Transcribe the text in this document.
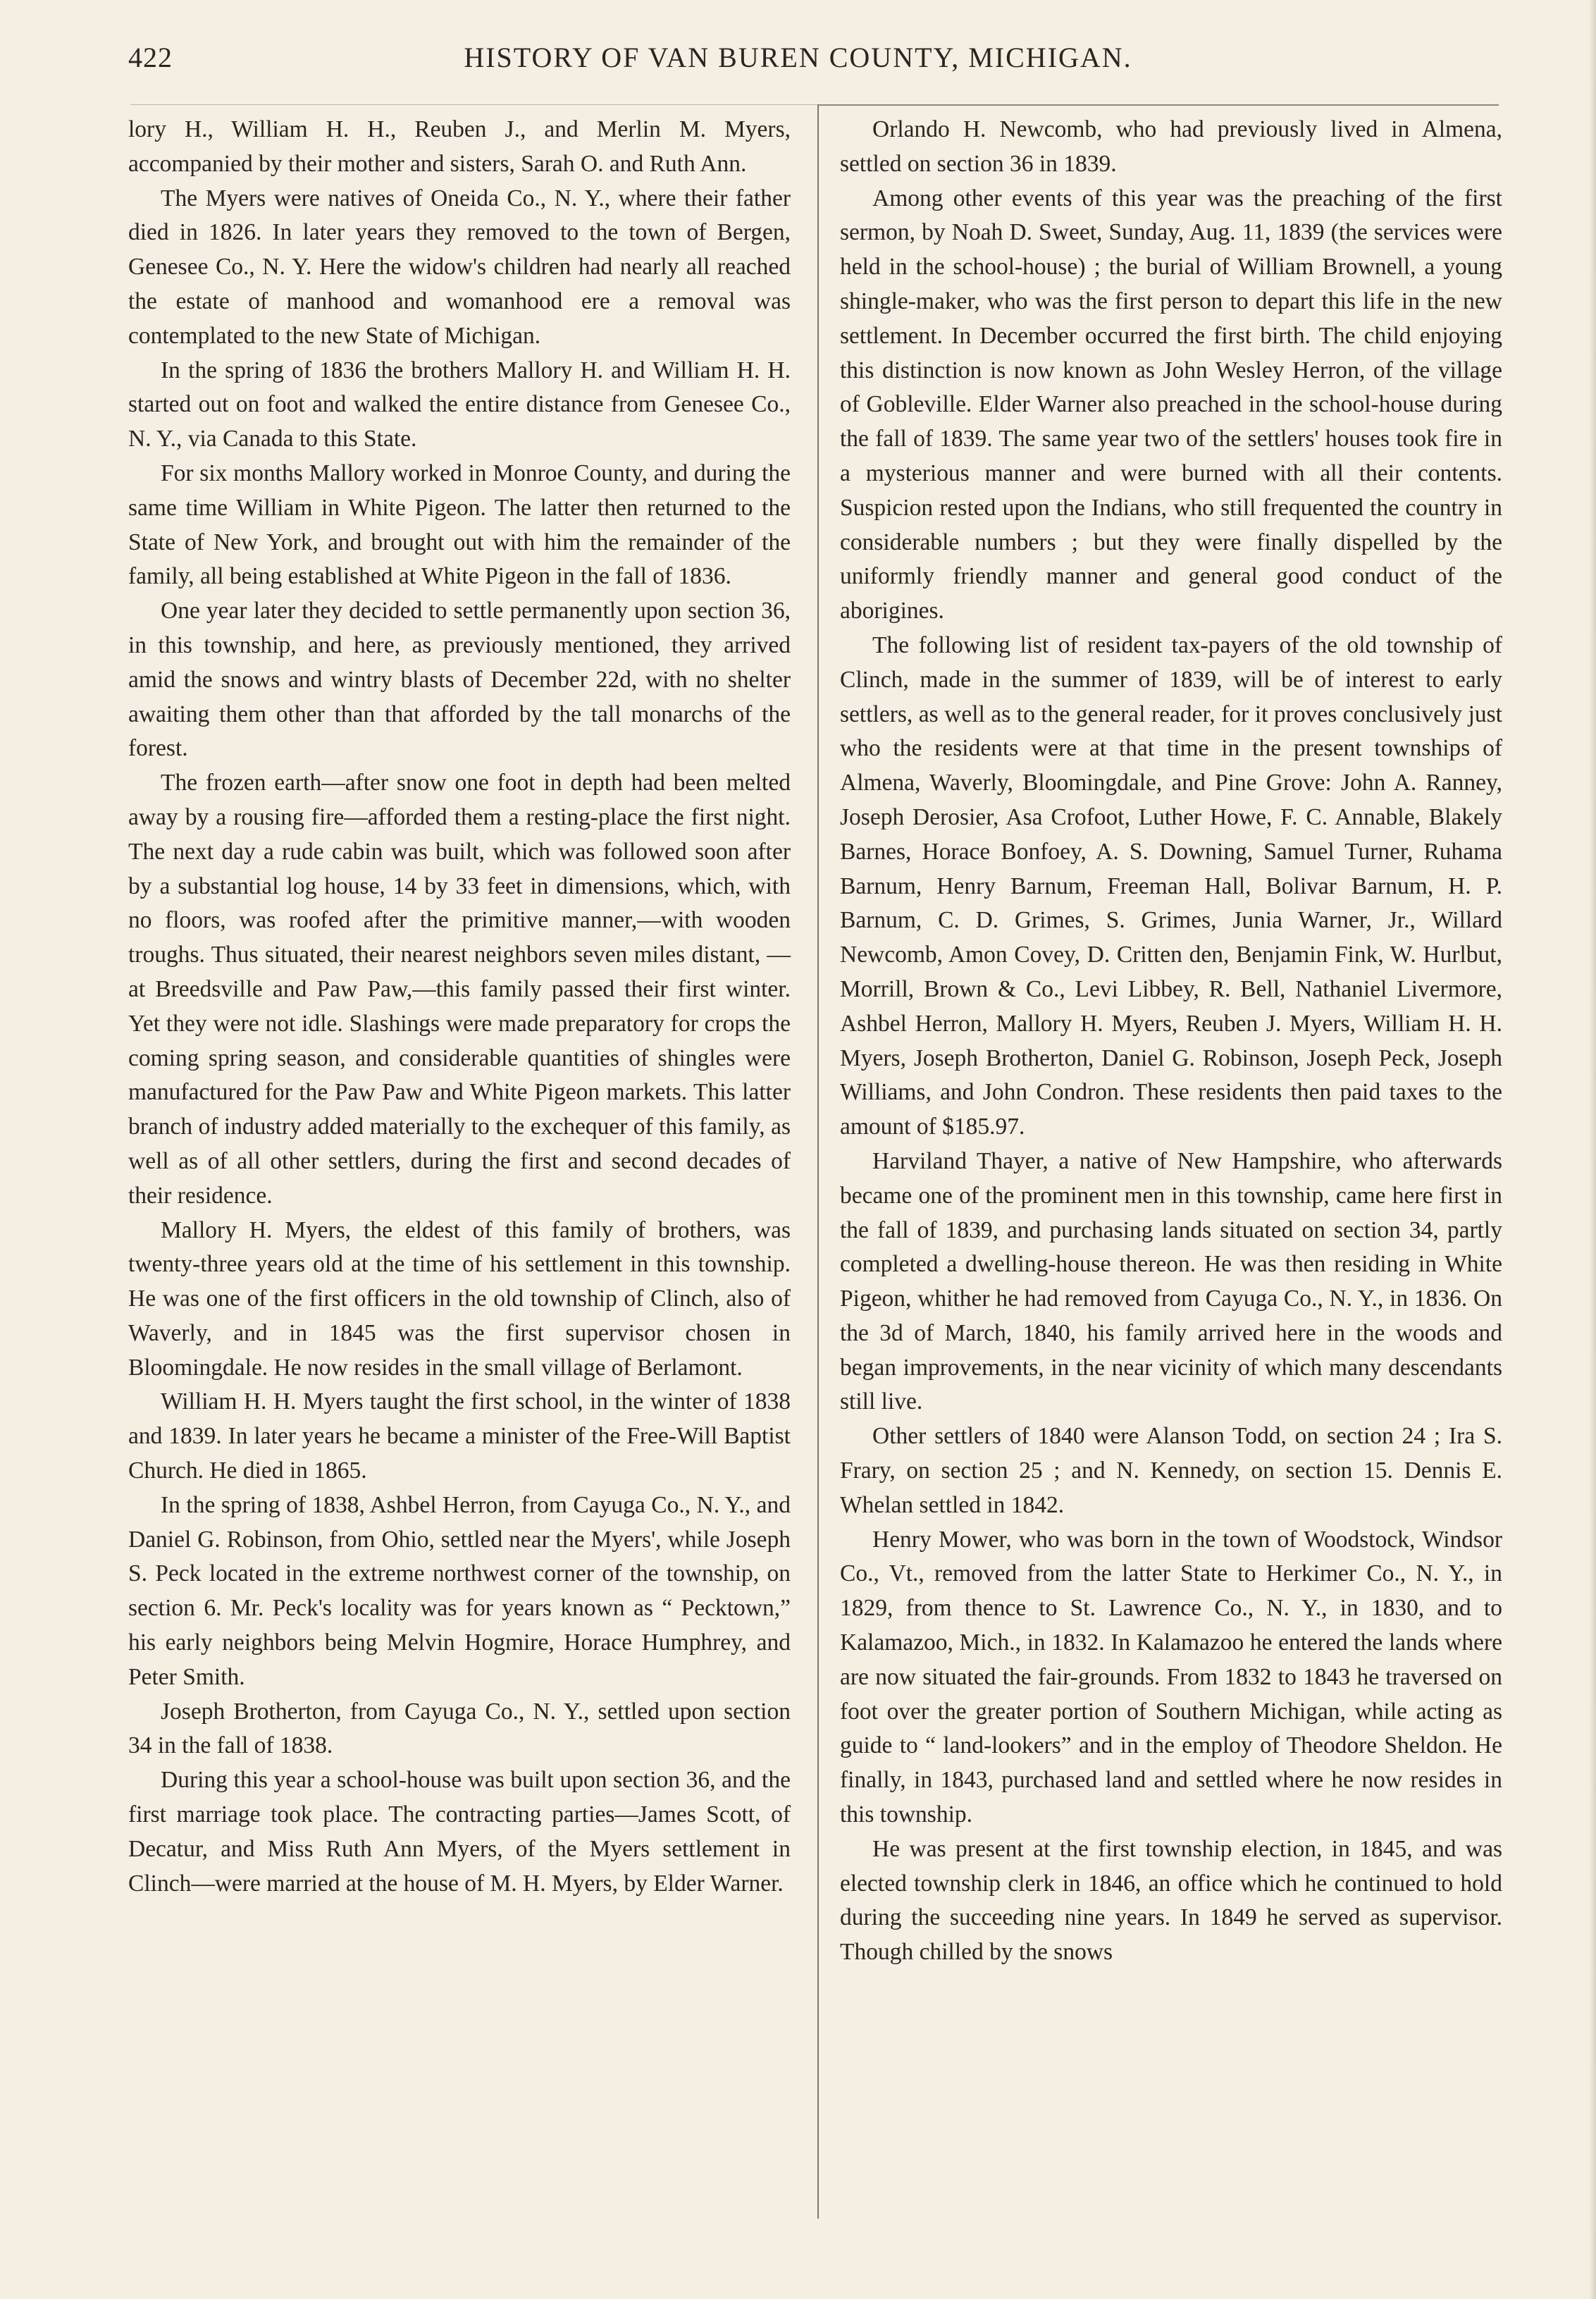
422	HISTORY OF VAN BUREN COUNTY, MICHIGAN.

lory H., William H. H., Reuben J., and Merlin M. Myers, accompanied by their mother and sisters, Sarah O. and Ruth Ann.

The Myers were natives of Oneida Co., N. Y., where their father died in 1826. In later years they removed to the town of Bergen, Genesee Co., N. Y. Here the widow's children had nearly all reached the estate of manhood and womanhood ere a removal was contemplated to the new State of Michigan.

In the spring of 1836 the brothers Mallory H. and William H. H. started out on foot and walked the entire distance from Genesee Co., N. Y., via Canada to this State.

For six months Mallory worked in Monroe County, and during the same time William in White Pigeon. The latter then returned to the State of New York, and brought out with him the remainder of the family, all being established at White Pigeon in the fall of 1836.

One year later they decided to settle permanently upon section 36, in this township, and here, as previously mentioned, they arrived amid the snows and wintry blasts of December 22d, with no shelter awaiting them other than that afforded by the tall monarchs of the forest.

The frozen earth—after snow one foot in depth had been melted away by a rousing fire—afforded them a resting-place the first night. The next day a rude cabin was built, which was followed soon after by a substantial log house, 14 by 33 feet in dimensions, which, with no floors, was roofed after the primitive manner,—with wooden troughs. Thus situated, their nearest neighbors seven miles distant, —at Breedsville and Paw Paw,—this family passed their first winter. Yet they were not idle. Slashings were made preparatory for crops the coming spring season, and considerable quantities of shingles were manufactured for the Paw Paw and White Pigeon markets. This latter branch of industry added materially to the exchequer of this family, as well as of all other settlers, during the first and second decades of their residence.

Mallory H. Myers, the eldest of this family of brothers, was twenty-three years old at the time of his settlement in this township. He was one of the first officers in the old township of Clinch, also of Waverly, and in 1845 was the first supervisor chosen in Bloomingdale. He now resides in the small village of Berlamont.

William H. H. Myers taught the first school, in the winter of 1838 and 1839. In later years he became a minister of the Free-Will Baptist Church. He died in 1865.

In the spring of 1838, Ashbel Herron, from Cayuga Co., N. Y., and Daniel G. Robinson, from Ohio, settled near the Myers', while Joseph S. Peck located in the extreme northwest corner of the township, on section 6. Mr. Peck's locality was for years known as “ Pecktown,” his early neighbors being Melvin Hogmire, Horace Humphrey, and Peter Smith.

Joseph Brotherton, from Cayuga Co., N. Y., settled upon section 34 in the fall of 1838.

During this year a school-house was built upon section 36, and the first marriage took place. The contracting parties—James Scott, of Decatur, and Miss Ruth Ann Myers, of the Myers settlement in Clinch—were married at the house of M. H. Myers, by Elder Warner.

Orlando H. Newcomb, who had previously lived in Almena, settled on section 36 in 1839.

Among other events of this year was the preaching of the first sermon, by Noah D. Sweet, Sunday, Aug. 11, 1839 (the services were held in the school-house) ; the burial of William Brownell, a young shingle-maker, who was the first person to depart this life in the new settlement. In December occurred the first birth. The child enjoying this distinction is now known as John Wesley Herron, of the village of Gobleville. Elder Warner also preached in the school-house during the fall of 1839. The same year two of the settlers' houses took fire in a mysterious manner and were burned with all their contents. Suspicion rested upon the Indians, who still frequented the country in considerable numbers ; but they were finally dispelled by the uniformly friendly manner and general good conduct of the aborigines.

The following list of resident tax-payers of the old township of Clinch, made in the summer of 1839, will be of interest to early settlers, as well as to the general reader, for it proves conclusively just who the residents were at that time in the present townships of Almena, Waverly, Bloomingdale, and Pine Grove: John A. Ranney, Joseph Derosier, Asa Crofoot, Luther Howe, F. C. Annable, Blakely Barnes, Horace Bonfoey, A. S. Downing, Samuel Turner, Ruhama Barnum, Henry Barnum, Freeman Hall, Bolivar Barnum, H. P. Barnum, C. D. Grimes, S. Grimes, Junia Warner, Jr., Willard Newcomb, Amon Covey, D. Critten den, Benjamin Fink, W. Hurlbut, Morrill, Brown & Co., Levi Libbey, R. Bell, Nathaniel Livermore, Ashbel Herron, Mallory H. Myers, Reuben J. Myers, William H. H. Myers, Joseph Brotherton, Daniel G. Robinson, Joseph Peck, Joseph Williams, and John Condron. These residents then paid taxes to the amount of $185.97.

Harviland Thayer, a native of New Hampshire, who afterwards became one of the prominent men in this township, came here first in the fall of 1839, and purchasing lands situated on section 34, partly completed a dwelling-house thereon. He was then residing in White Pigeon, whither he had removed from Cayuga Co., N. Y., in 1836. On the 3d of March, 1840, his family arrived here in the woods and began improvements, in the near vicinity of which many descendants still live.

Other settlers of 1840 were Alanson Todd, on section 24 ; Ira S. Frary, on section 25 ; and N. Kennedy, on section 15. Dennis E. Whelan settled in 1842.

Henry Mower, who was born in the town of Woodstock, Windsor Co., Vt., removed from the latter State to Herkimer Co., N. Y., in 1829, from thence to St. Lawrence Co., N. Y., in 1830, and to Kalamazoo, Mich., in 1832. In Kalamazoo he entered the lands where are now situated the fair-grounds. From 1832 to 1843 he traversed on foot over the greater portion of Southern Michigan, while acting as guide to “ land-lookers” and in the employ of Theodore Sheldon. He finally, in 1843, purchased land and settled where he now resides in this township.

He was present at the first township election, in 1845, and was elected township clerk in 1846, an office which he continued to hold during the succeeding nine years. In 1849 he served as supervisor. Though chilled by the snows
